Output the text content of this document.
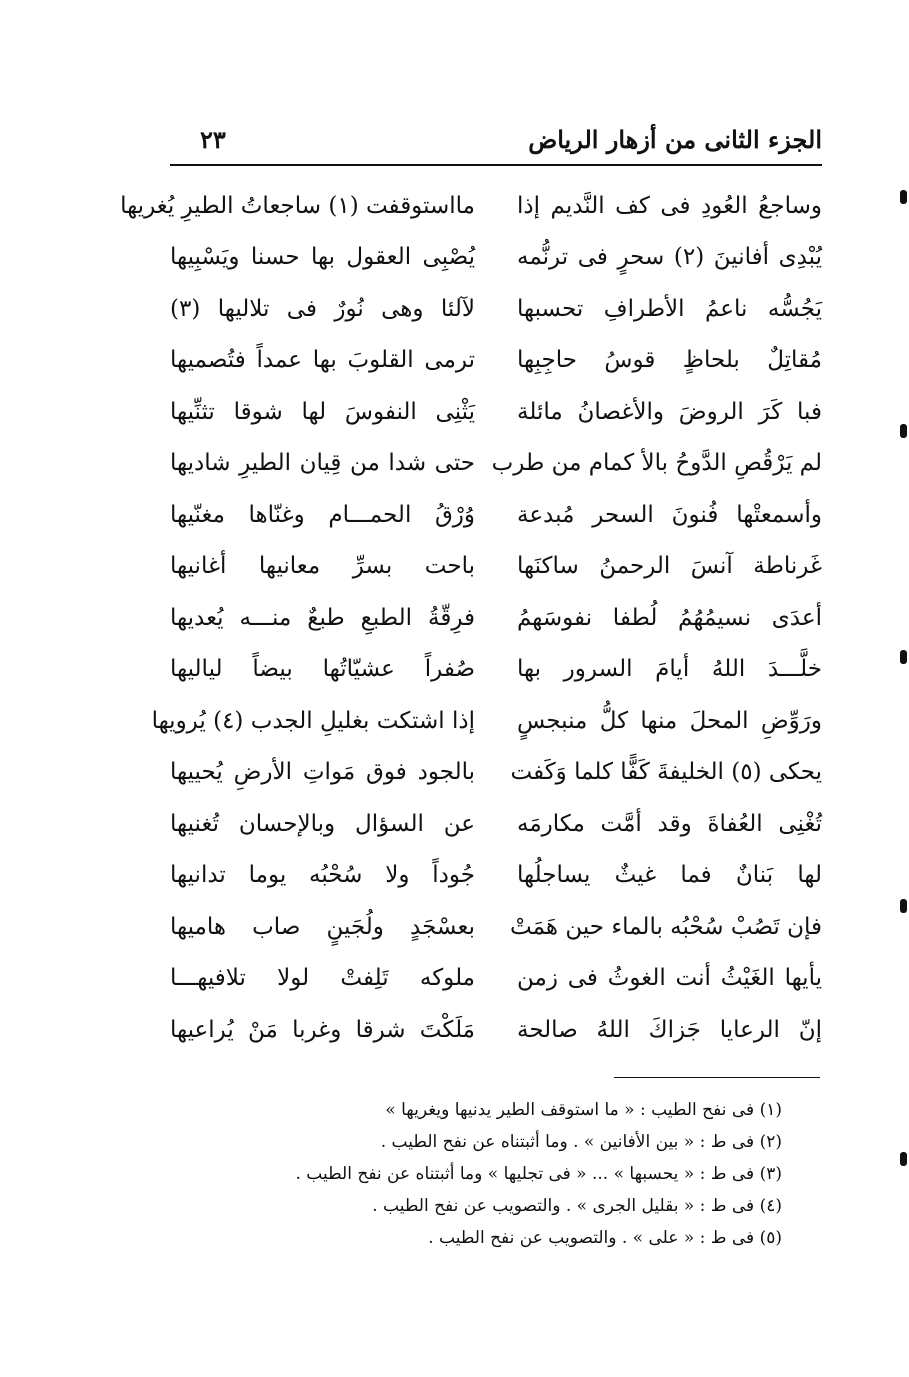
الجزء الثانى من أزهار الرياض
٢٣
وساجعُ العُودِ فى كف النَّديم إذا
مااستوقفت (١) ساجعاتُ الطيرِ يُغريها
يُبْدِى أفانينَ (٢) سحرٍ فى ترنُّمه
يُصْبِى العقول بها حسنا ويَسْبِيها
يَجُسُّه ناعمُ الأطرافِ تحسبها
لآلئا وهى نُورٌ فى تلاليها (٣)
مُقاتِلٌ بلحاظٍ قوسُ حاجِبِها
ترمى القلوبَ بها عمداً فتُصميها
فبا كَرَ الروضَ والأغصانُ مائلة
يَثْنِى النفوسَ لها شوقا تثنِّيها
لم يَرْقُصِ الدَّوحُ بالأ كمام من طرب
حتى شدا من قِيان الطيرِ شاديها
وأسمعتْها فُنونَ السحر مُبدعة
وُرْقُ الحمـــام وغنّاها مغنّيها
غَرناطة آنسَ الرحمنُ ساكنَها
باحت بسرِّ معانيها أغانيها
أعدَى نسيمُهُمُ لُطفا نفوسَهمُ
فرِقّةُ الطبعِ طبعٌ منـــه يُعديها
خلَّـــدَ اللهُ أيامَ السرور بها
صُفراً عشيّاتُها بيضاً لياليها
ورَوِّضِ المحلَ منها كلُّ منبجسٍ
إذا اشتكت بغليلِ الجدب (٤) يُرويها
يحكى (٥) الخليفةَ كَفًّا كلما وَكَفت
بالجود فوق مَواتِ الأرضِ يُحييها
تُغْنِى العُفاةَ وقد أمَّت مكارمَه
عن السؤال وبالإحسان تُغنيها
لها بَنانٌ فما غيثٌ يساجلُها
جُوداً ولا سُحْبُه يوما تدانيها
فإن تَصُبْ سُحْبُه بالماء حين هَمَتْ
بعسْجَدٍ ولُجَينٍ صاب هاميها
يأيها الغَيْثُ أنت الغوثُ فى زمن
ملوكه تَلِفتْ لولا تلافيهـــا
إنّ الرعايا جَزاكَ اللهُ صالحة
مَلَكْتَ شرقا وغربا مَنْ يُراعيها
(١) فى نفح الطيب : « ما استوقف الطير يدنيها ويغريها »
(٢) فى ط : « بين الأفانين » . وما أثبتناه عن نفح الطيب .
(٣) فى ط : « يحسبها » ... « فى تجليها » وما أثبتناه عن نفح الطيب .
(٤) فى ط : « بقليل الجرى » . والتصويب عن نفح الطيب .
(٥) فى ط : « على » . والتصويب عن نفح الطيب .
